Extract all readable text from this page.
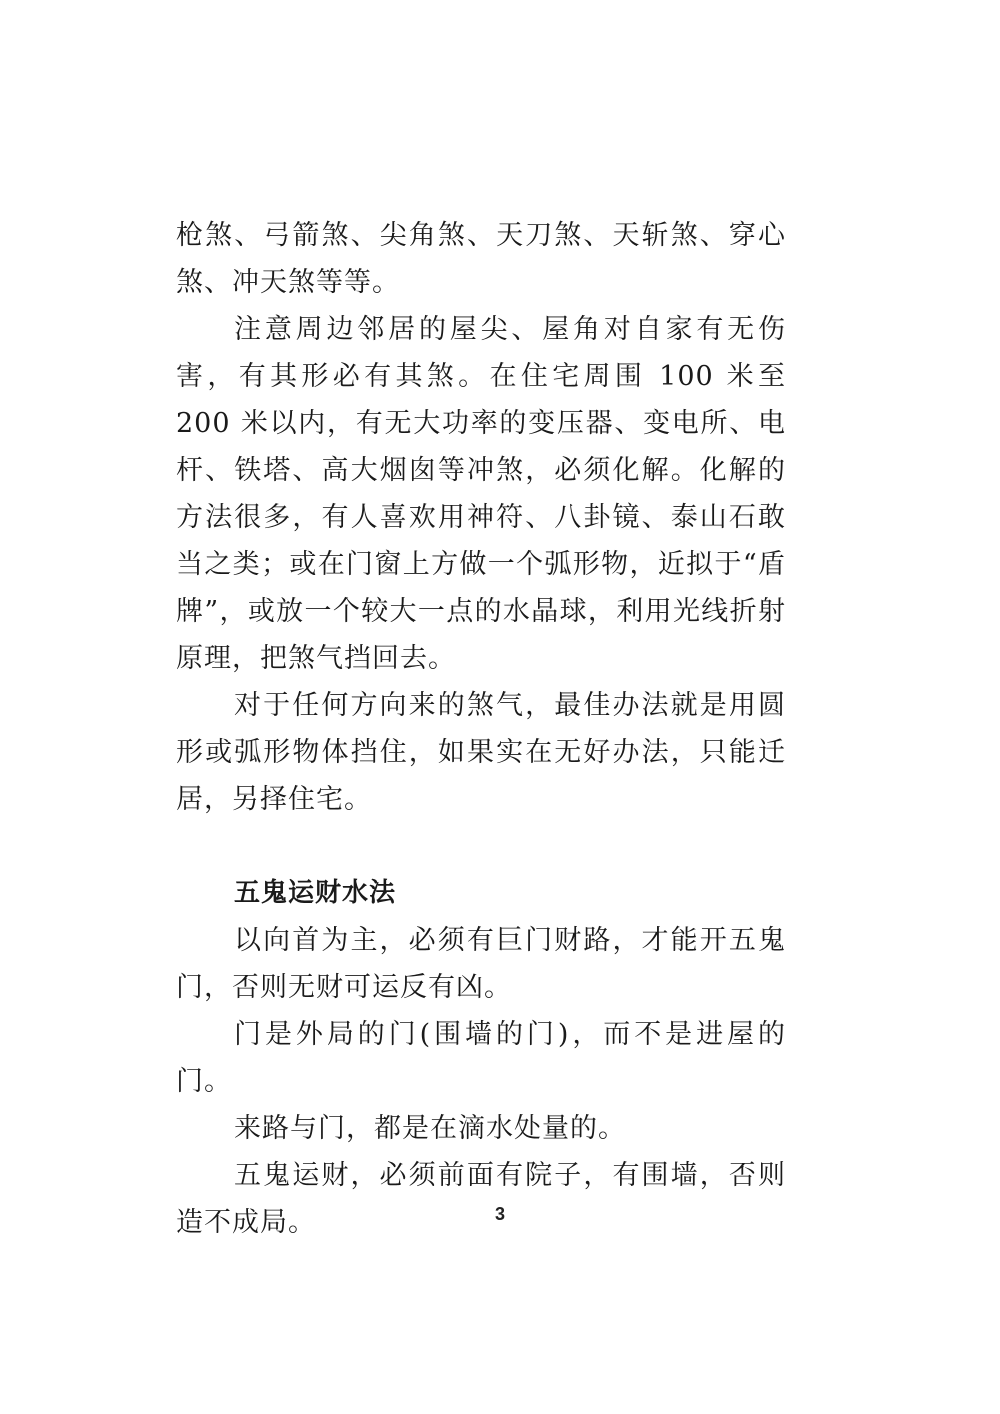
枪煞、弓箭煞、尖角煞、天刀煞、天斩煞、穿心煞、冲天煞等等。

注意周边邻居的屋尖、屋角对自家有无伤害，有其形必有其煞。在住宅周围 100 米至 200 米以内，有无大功率的变压器、变电所、电杆、铁塔、高大烟囱等冲煞，必须化解。化解的方法很多，有人喜欢用神符、八卦镜、泰山石敢当之类；或在门窗上方做一个弧形物，近拟于“盾牌”，或放一个较大一点的水晶球，利用光线折射原理，把煞气挡回去。

对于任何方向来的煞气，最佳办法就是用圆形或弧形物体挡住，如果实在无好办法，只能迁居，另择住宅。

五鬼运财水法

以向首为主，必须有巨门财路，才能开五鬼门，否则无财可运反有凶。

门是外局的门(围墙的门)，而不是进屋的门。

来路与门，都是在滴水处量的。

五鬼运财，必须前面有院子，有围墙，否则造不成局。	3
